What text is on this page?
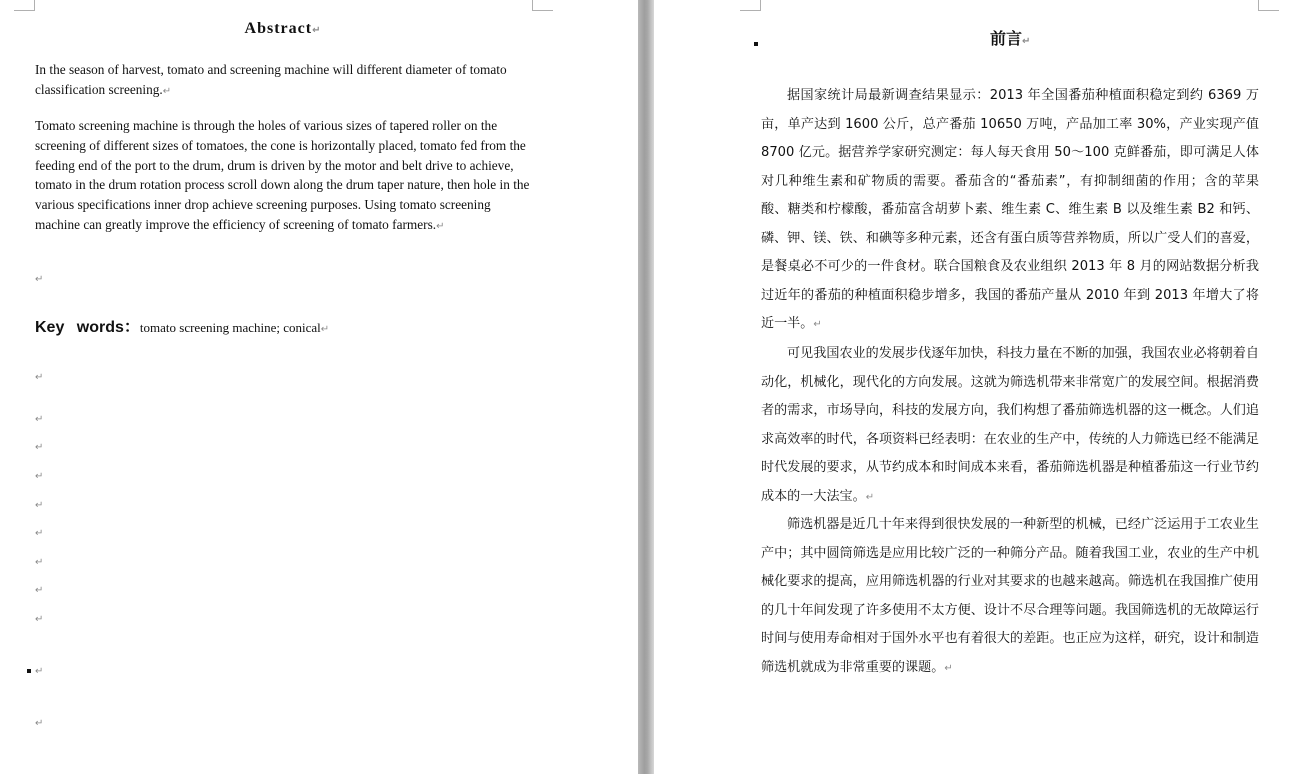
Abstract↵

In the season of harvest, tomato and screening machine will different diameter of tomato classification screening.↵

Tomato screening machine is through the holes of various sizes of tapered roller on the screening of different sizes of tomatoes, the cone is horizontally placed, tomato fed from the feeding end of the port to the drum, drum is driven by the motor and belt drive to achieve, tomato in the drum rotation process scroll down along the drum taper nature, then hole in the various specifications inner drop achieve screening purposes. Using tomato screening machine can greatly improve the efficiency of screening of tomato farmers.↵

↵
Key words：tomato screening machine; conical↵
↵
↵
↵
↵
↵
↵
↵
↵
↵
↵
↵
前言↵

据国家统计局最新调查结果显示：2013 年全国番茄种植面积稳定到约 6369 万亩，单产达到 1600 公斤，总产番茄 10650 万吨，产品加工率 30%，产业实现产值 8700 亿元。据营养学家研究测定：每人每天食用 50～100 克鲜番茄，即可满足人体对几种维生素和矿物质的需要。番茄含的“番茄素”，有抑制细菌的作用；含的苹果酸、糖类和柠檬酸，番茄富含胡萝卜素、维生素 C、维生素 B 以及维生素 B2 和钙、磷、钾、镁、铁、和碘等多种元素，还含有蛋白质等营养物质，所以广受人们的喜爱，是餐桌必不可少的一件食材。联合国粮食及农业组织 2013 年 8 月的网站数据分析我过近年的番茄的种植面积稳步增多，我国的番茄产量从 2010 年到 2013 年增大了将近一半。↵

可见我国农业的发展步伐逐年加快，科技力量在不断的加强，我国农业必将朝着自动化，机械化，现代化的方向发展。这就为筛选机带来非常宽广的发展空间。根据消费者的需求，市场导向，科技的发展方向，我们构想了番茄筛选机器的这一概念。人们追求高效率的时代，各项资料已经表明：在农业的生产中，传统的人力筛选已经不能满足时代发展的要求，从节约成本和时间成本来看，番茄筛选机器是种植番茄这一行业节约成本的一大法宝。↵

筛选机器是近几十年来得到很快发展的一种新型的机械，已经广泛运用于工农业生产中；其中圆筒筛选是应用比较广泛的一种筛分产品。随着我国工业，农业的生产中机械化要求的提高，应用筛选机器的行业对其要求的也越来越高。筛选机在我国推广使用的几十年间发现了许多使用不太方便、设计不尽合理等问题。我国筛选机的无故障运行时间与使用寿命相对于国外水平也有着很大的差距。也正应为这样，研究，设计和制造筛选机就成为非常重要的课题。↵
